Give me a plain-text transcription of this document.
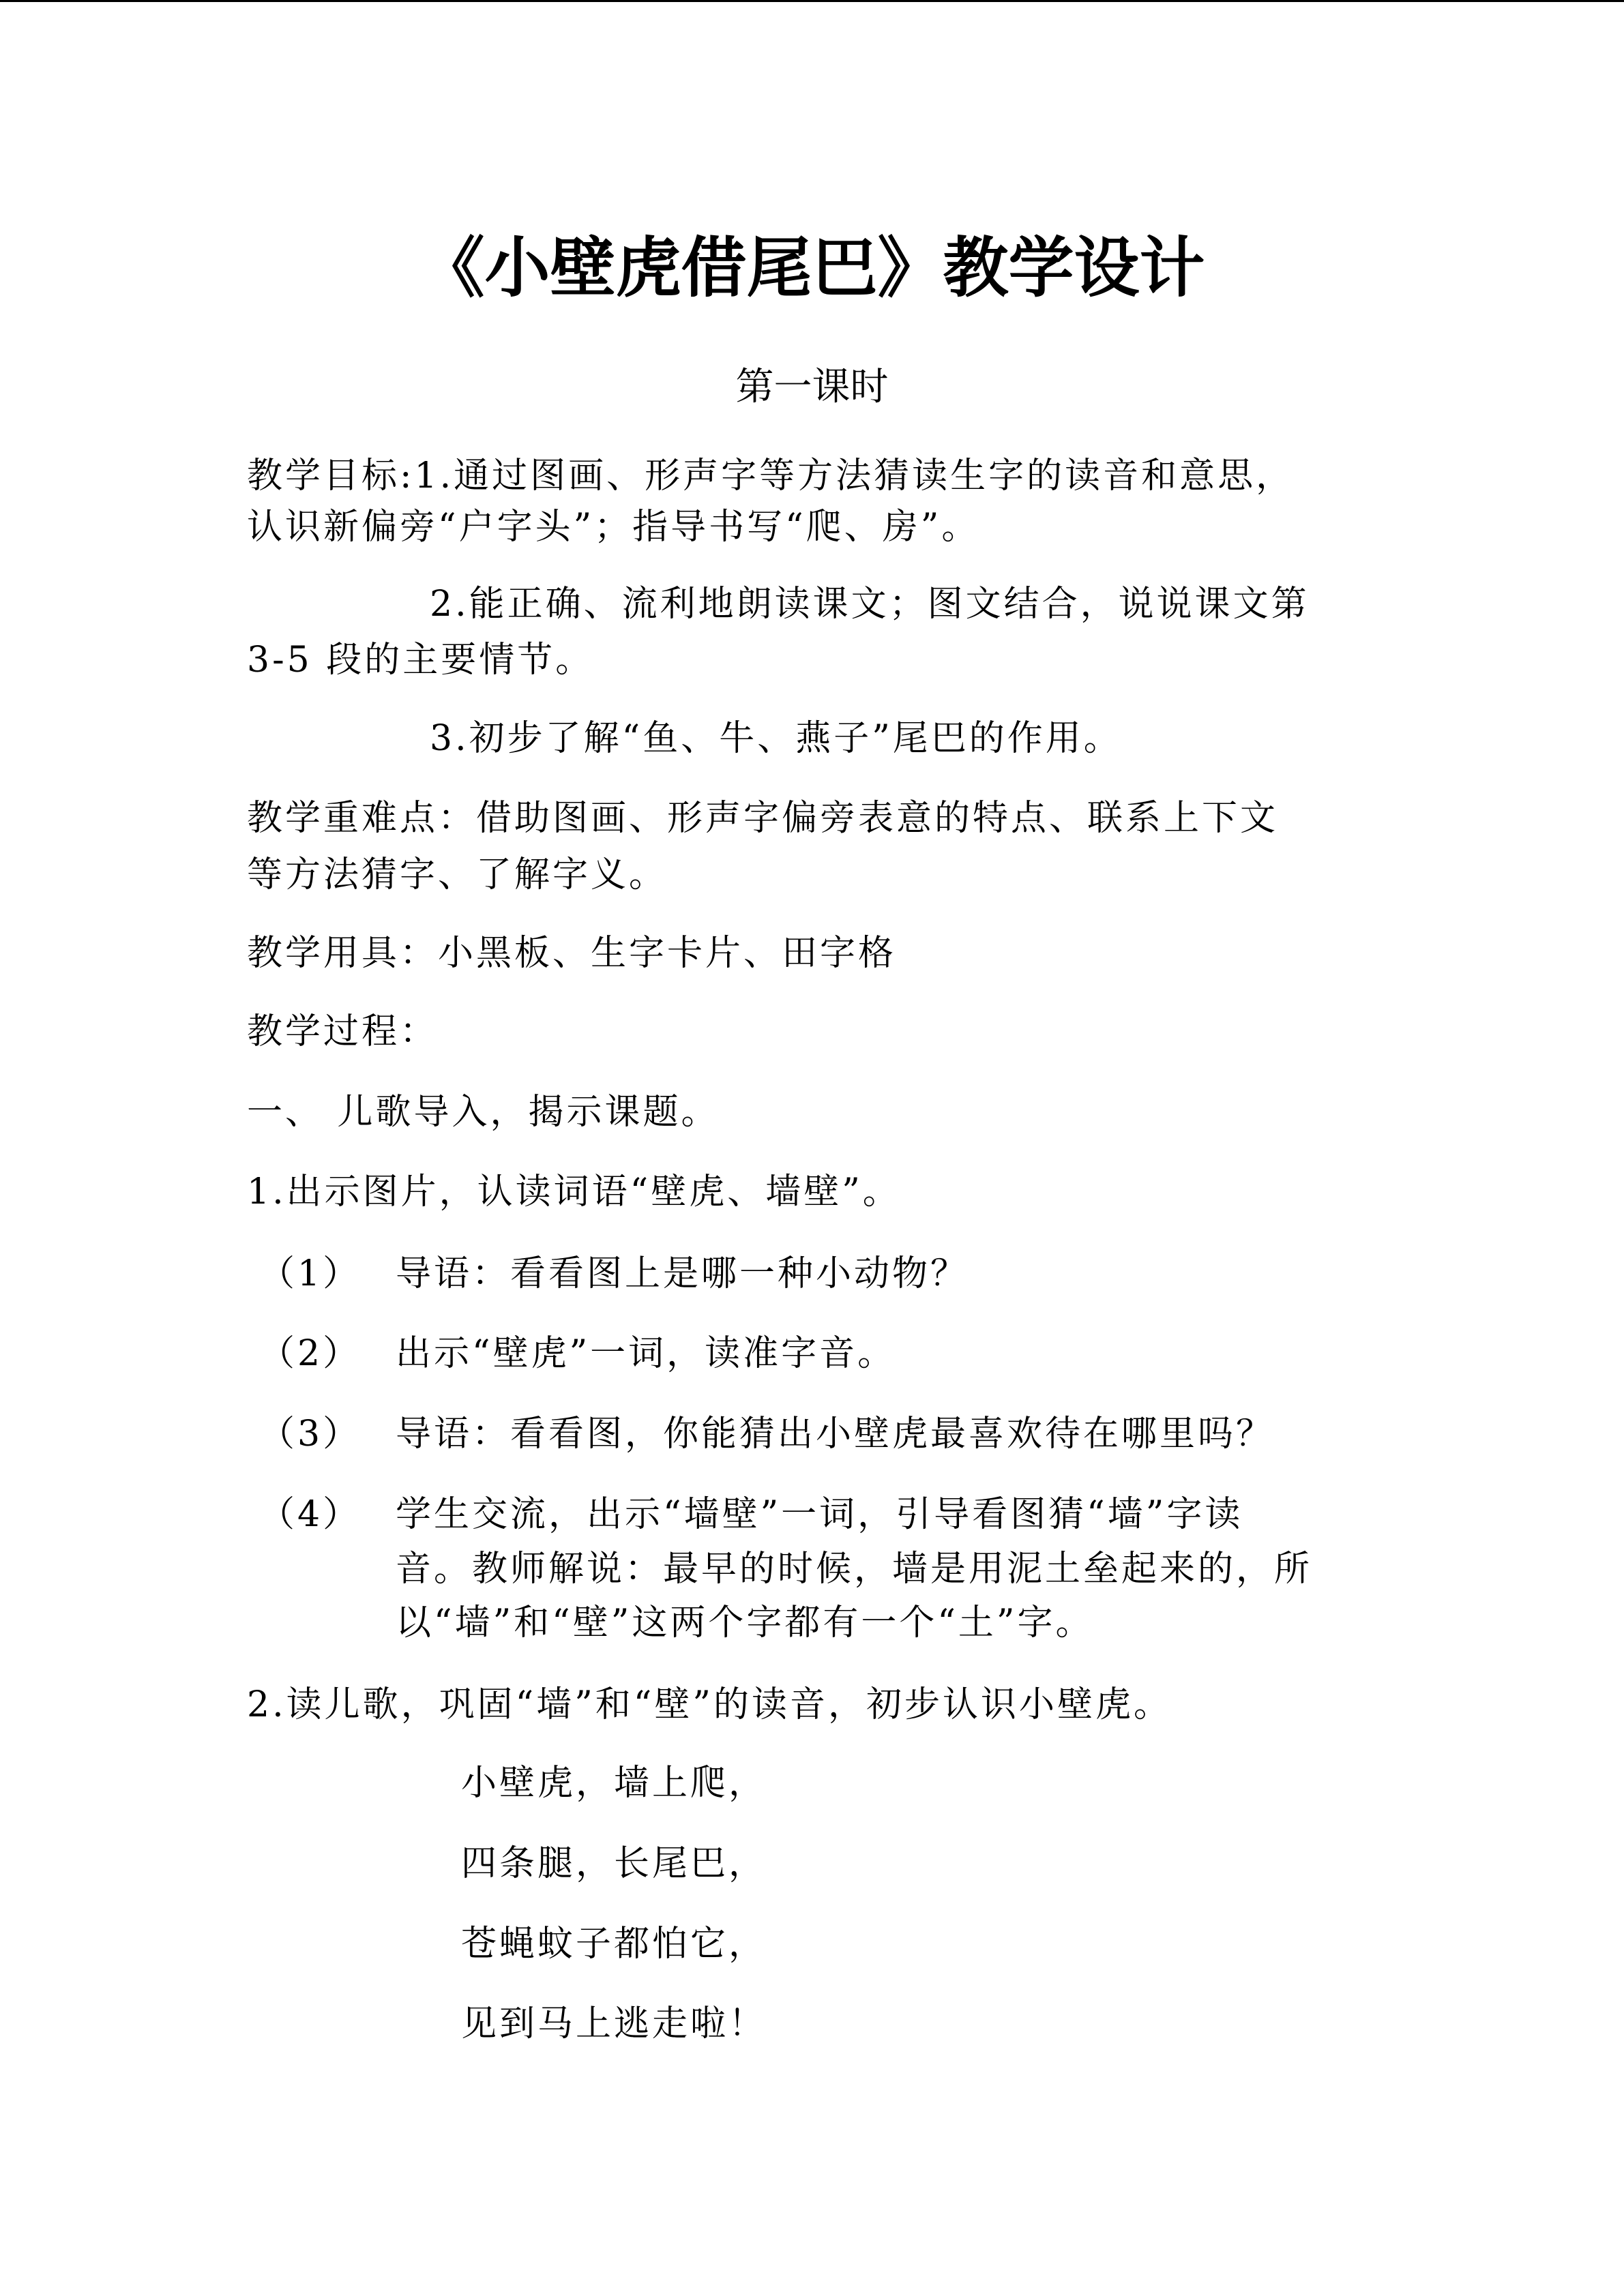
《小壁虎借尾巴》教学设计
第一课时
教学目标:1.通过图画、形声字等方法猜读生字的读音和意思，
认识新偏旁“户字头”；指导书写“爬、房”。
2.能正确、流利地朗读课文；图文结合，说说课文第
3-5 段的主要情节。
3.初步了解“鱼、牛、燕子”尾巴的作用。
教学重难点：借助图画、形声字偏旁表意的特点、联系上下文
等方法猜字、了解字义。
教学用具：小黑板、生字卡片、田字格
教学过程：
一、 儿歌导入，揭示课题。
1.出示图片，认读词语“壁虎、墙壁”。
（1） 导语：看看图上是哪一种小动物？
（2） 出示“壁虎”一词，读准字音。
（3） 导语：看看图，你能猜出小壁虎最喜欢待在哪里吗？
（4） 学生交流，出示“墙壁”一词，引导看图猜“墙”字读
音。教师解说：最早的时候，墙是用泥土垒起来的，所
以“墙”和“壁”这两个字都有一个“土”字。
2.读儿歌，巩固“墙”和“壁”的读音，初步认识小壁虎。
小壁虎，墙上爬，
四条腿，长尾巴，
苍蝇蚊子都怕它，
见到马上逃走啦！
